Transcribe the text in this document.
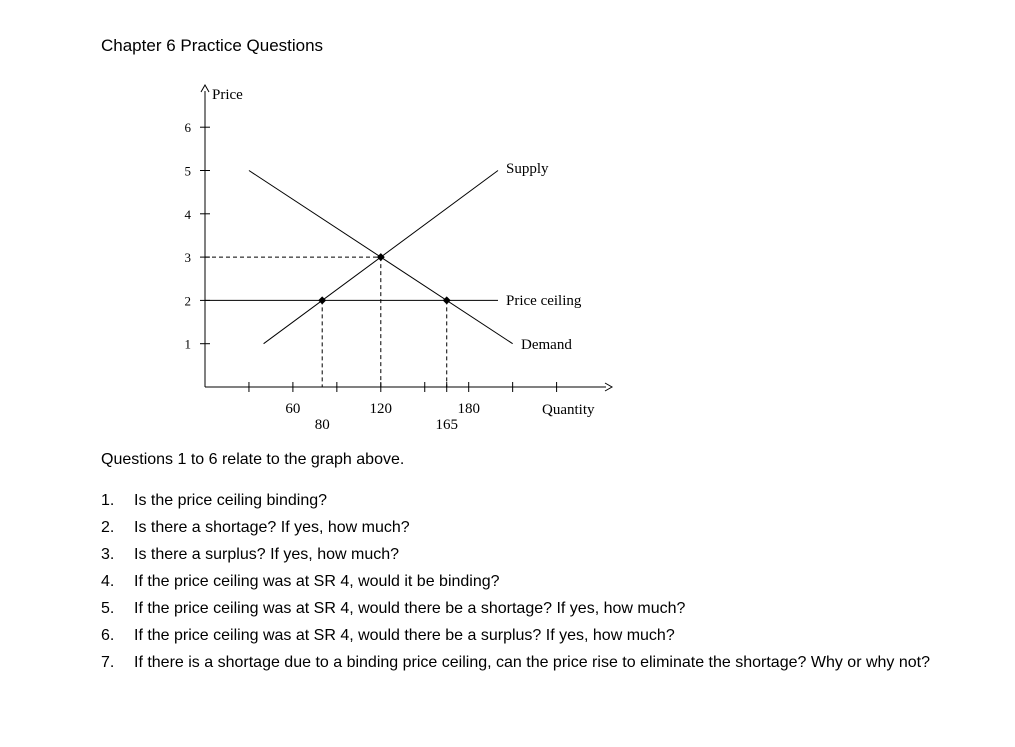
Chapter 6 Practice Questions
Price
Quantity
1
2
3
4
5
6
60
80
120
165
180
Supply
Demand
Price ceiling

Questions 1 to 6 relate to the graph above.

1. Is the price ceiling binding?
2. Is there a shortage? If yes, how much?
3. Is there a surplus? If yes, how much?
4. If the price ceiling was at SR 4, would it be binding?
5. If the price ceiling was at SR 4, would there be a shortage? If yes, how much?
6. If the price ceiling was at SR 4, would there be a surplus? If yes, how much?
7. If there is a shortage due to a binding price ceiling, can the price rise to eliminate the shortage? Why or why not?
